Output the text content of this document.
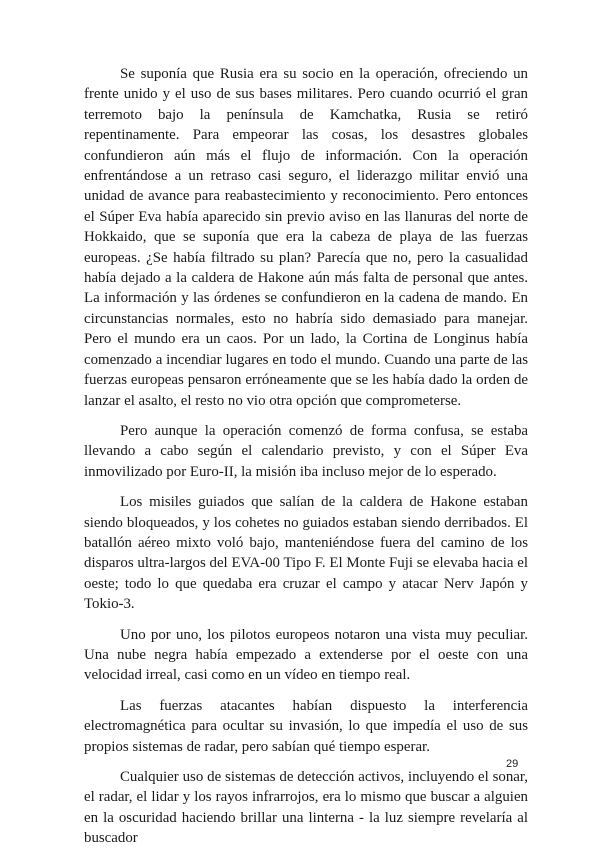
Se suponía que Rusia era su socio en la operación, ofreciendo un frente unido y el uso de sus bases militares. Pero cuando ocurrió el gran terremoto bajo la península de Kamchatka, Rusia se retiró repentinamente. Para empeorar las cosas, los desastres globales confundieron aún más el flujo de información. Con la operación enfrentándose a un retraso casi seguro, el liderazgo militar envió una unidad de avance para reabastecimiento y reconocimiento. Pero entonces el Súper Eva había aparecido sin previo aviso en las llanuras del norte de Hokkaido, que se suponía que era la cabeza de playa de las fuerzas europeas. ¿Se había filtrado su plan? Parecía que no, pero la casualidad había dejado a la caldera de Hakone aún más falta de personal que antes. La información y las órdenes se confundieron en la cadena de mando. En circunstancias normales, esto no habría sido demasiado para manejar. Pero el mundo era un caos. Por un lado, la Cortina de Longinus había comenzado a incendiar lugares en todo el mundo. Cuando una parte de las fuerzas europeas pensaron erróneamente que se les había dado la orden de lanzar el asalto, el resto no vio otra opción que comprometerse.

Pero aunque la operación comenzó de forma confusa, se estaba llevando a cabo según el calendario previsto, y con el Súper Eva inmovilizado por Euro-II, la misión iba incluso mejor de lo esperado.

Los misiles guiados que salían de la caldera de Hakone estaban siendo bloqueados, y los cohetes no guiados estaban siendo derribados. El batallón aéreo mixto voló bajo, manteniéndose fuera del camino de los disparos ultra-largos del EVA-00 Tipo F. El Monte Fuji se elevaba hacia el oeste; todo lo que quedaba era cruzar el campo y atacar Nerv Japón y Tokio-3.

Uno por uno, los pilotos europeos notaron una vista muy peculiar. Una nube negra había empezado a extenderse por el oeste con una velocidad irreal, casi como en un vídeo en tiempo real.

Las fuerzas atacantes habían dispuesto la interferencia electromagnética para ocultar su invasión, lo que impedía el uso de sus propios sistemas de radar, pero sabían qué tiempo esperar.

Cualquier uso de sistemas de detección activos, incluyendo el sonar, el radar, el lidar y los rayos infrarrojos, era lo mismo que buscar a alguien en la oscuridad haciendo brillar una linterna - la luz siempre revelaría al buscador

29
